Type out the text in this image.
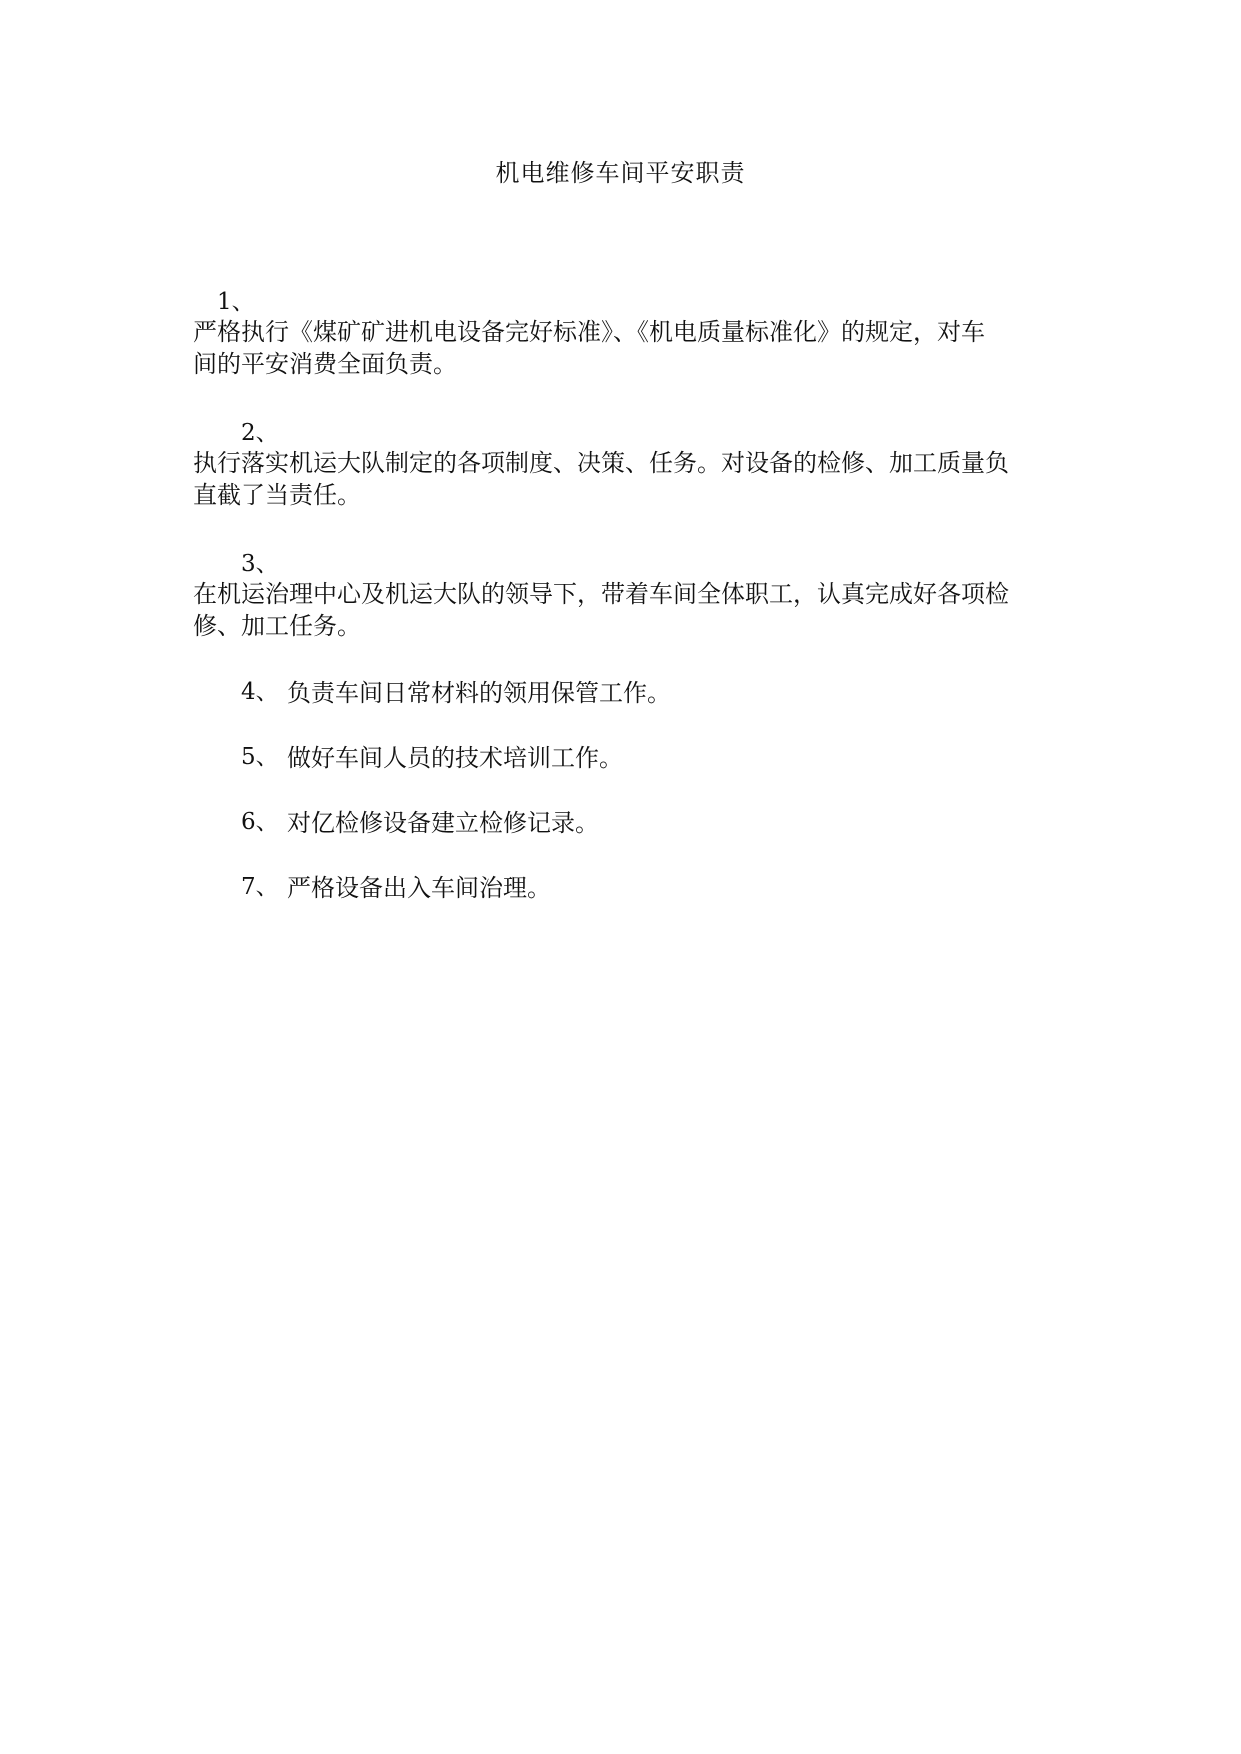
机电维修车间平安职责
1、
严格执行《煤矿矿进机电设备完好标准》、《机电质量标准化》的规定，对车
间的平安消费全面负责。
2、
执行落实机运大队制定的各项制度、决策、任务。对设备的检修、加工质量负
直截了当责任。
3、
在机运治理中心及机运大队的领导下，带着车间全体职工，认真完成好各项检
修、加工任务。
4、 负责车间日常材料的领用保管工作。
5、 做好车间人员的技术培训工作。
6、 对亿检修设备建立检修记录。
7、 严格设备出入车间治理。
